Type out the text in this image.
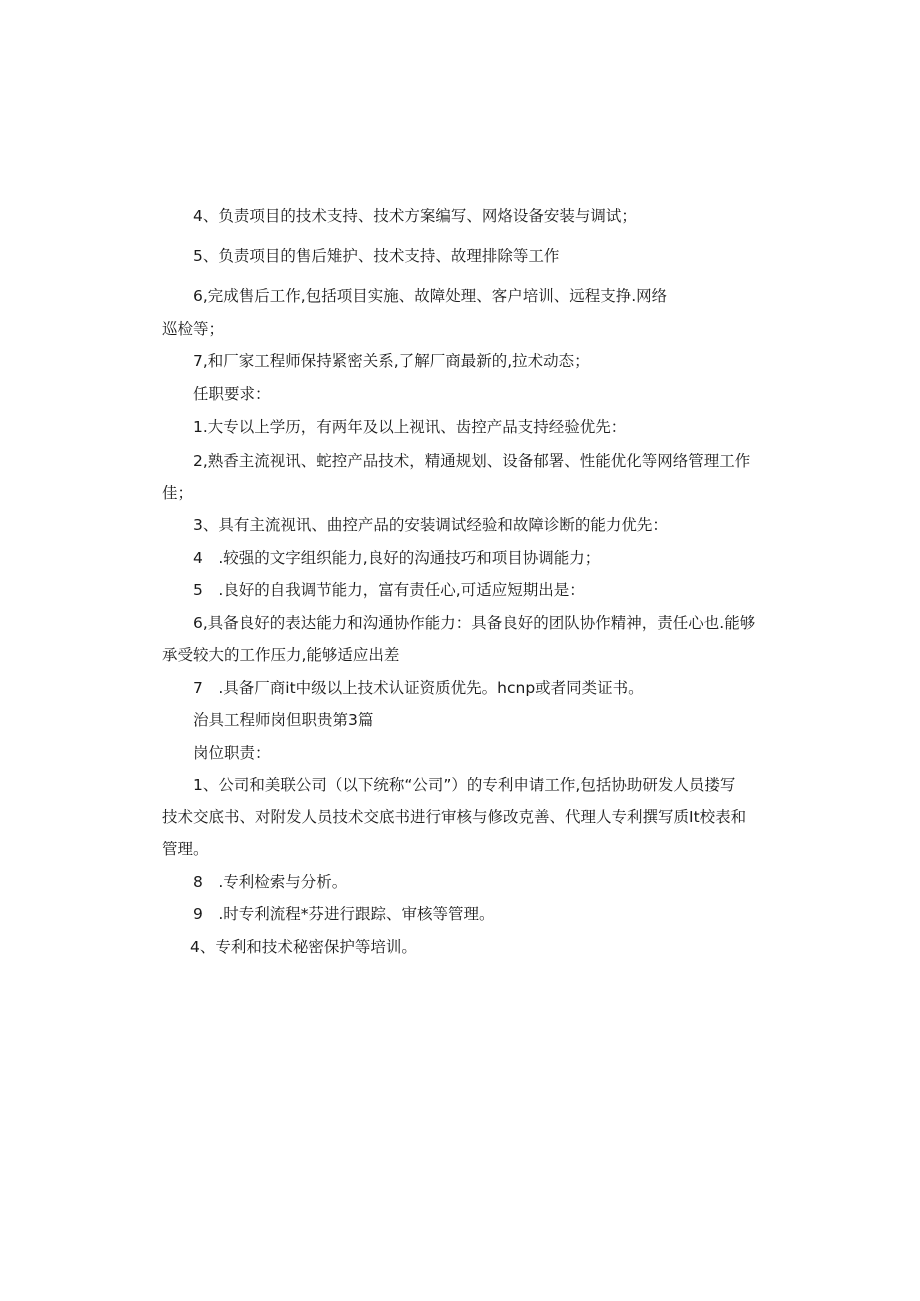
4、负责项目的技术支持、技术方案编写、网烙设备安装与调试；
5、负责项目的售后雉护、技术支持、故理排除等工作
6,完成售后工作,包括项目实施、故障处理、客户培训、远程支挣.网络
巡检等；
7,和厂家工程师保持紧密关系,了解厂商最新的,拉术动态；
任职要求：
1.大专以上学历，有两年及以上视讯、齿控产品支持经验优先：
2,熟香主流视讯、蛇控产品技术，精通规划、设备郁署、性能优化等网络管理工作
佳；
3、具有主流视讯、曲控产品的安装调试经验和故障诊断的能力优先：
4　.较强的文字组织能力,良好的沟通技巧和项目协调能力；
5　.良好的自我调节能力，富有责任心,可适应短期出是：
6,具备良好的表达能力和沟通协作能力：具备良好的团队协作精神，责任心也.能够
承受较大的工作压力,能够适应出差
7　.具备厂商it中级以上技术认证资质优先。hcnp或者同类证书。
治具工程师岗但职贵第3篇
岗位职责：
1、公司和美联公司（以下统称“公司”）的专利申请工作,包括协助研发人员搂写
技术交底书、对附发人员技术交底书进行审核与修改克善、代理人专利撰写质It校表和
管理。
8　.专利检索与分析。
9　.时专利流程*芬进行跟踪、审核等管理。
4、专利和技术秘密保护等培训。
